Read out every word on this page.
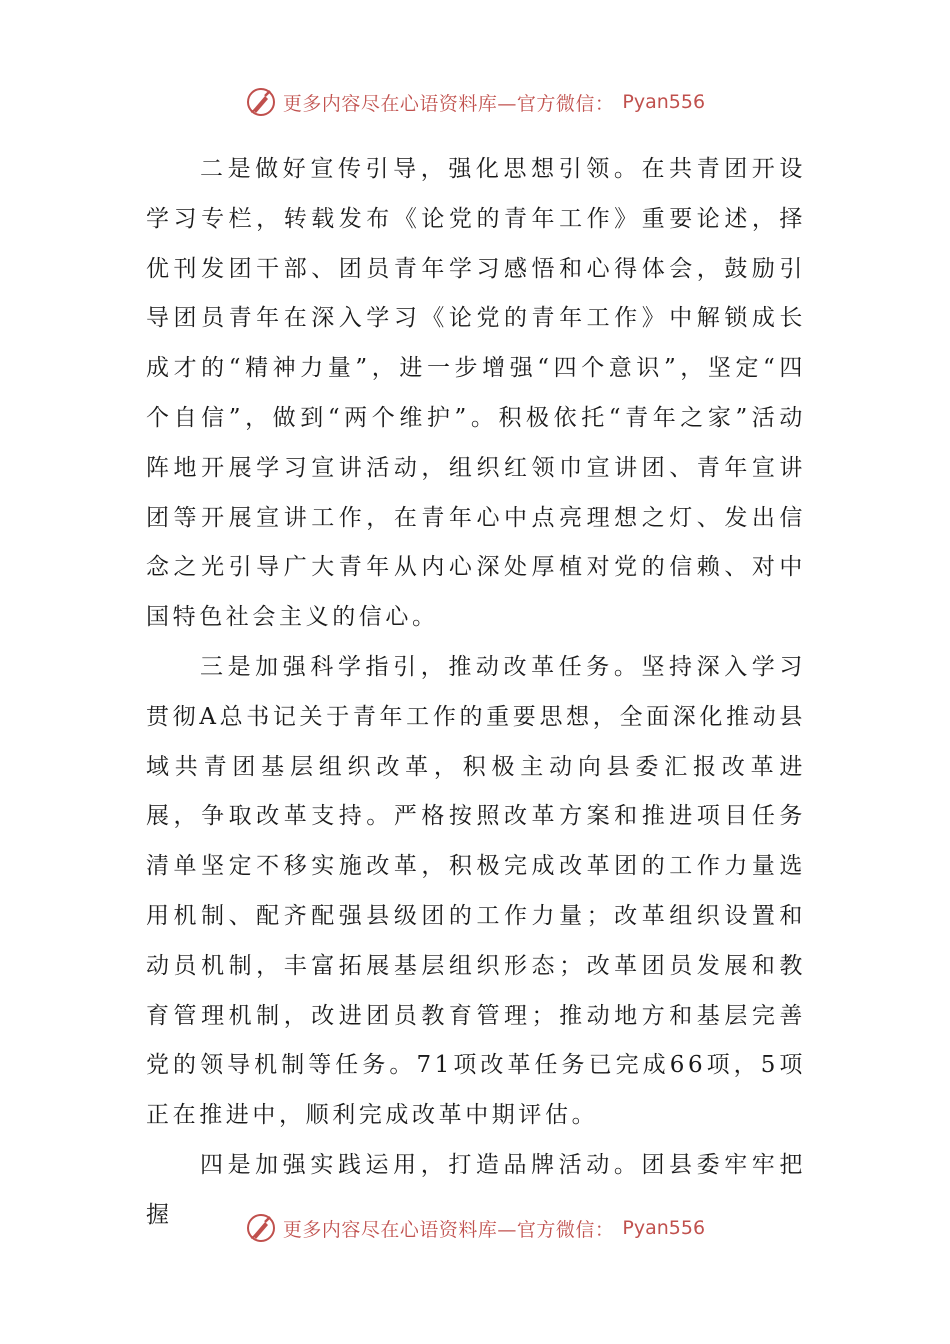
更多内容尽在心语资料库—官方微信： Pyan556

二是做好宣传引导，强化思想引领。在共青团开设学习专栏，转载发布《论党的青年工作》重要论述，择优刊发团干部、团员青年学习感悟和心得体会，鼓励引导团员青年在深入学习《论党的青年工作》中解锁成长成才的“精神力量”，进一步增强“四个意识”，坚定“四个自信”，做到“两个维护”。积极依托“青年之家”活动阵地开展学习宣讲活动，组织红领巾宣讲团、青年宣讲团等开展宣讲工作，在青年心中点亮理想之灯、发出信念之光引导广大青年从内心深处厚植对党的信赖、对中国特色社会主义的信心。

三是加强科学指引，推动改革任务。坚持深入学习贯彻A总书记关于青年工作的重要思想，全面深化推动县域共青团基层组织改革，积极主动向县委汇报改革进展，争取改革支持。严格按照改革方案和推进项目任务清单坚定不移实施改革，积极完成改革团的工作力量选用机制、配齐配强县级团的工作力量；改革组织设置和动员机制，丰富拓展基层组织形态；改革团员发展和教育管理机制，改进团员教育管理；推动地方和基层完善党的领导机制等任务。71项改革任务已完成66项，5项正在推进中，顺利完成改革中期评估。

四是加强实践运用，打造品牌活动。团县委牢牢把握

更多内容尽在心语资料库—官方微信： Pyan556
